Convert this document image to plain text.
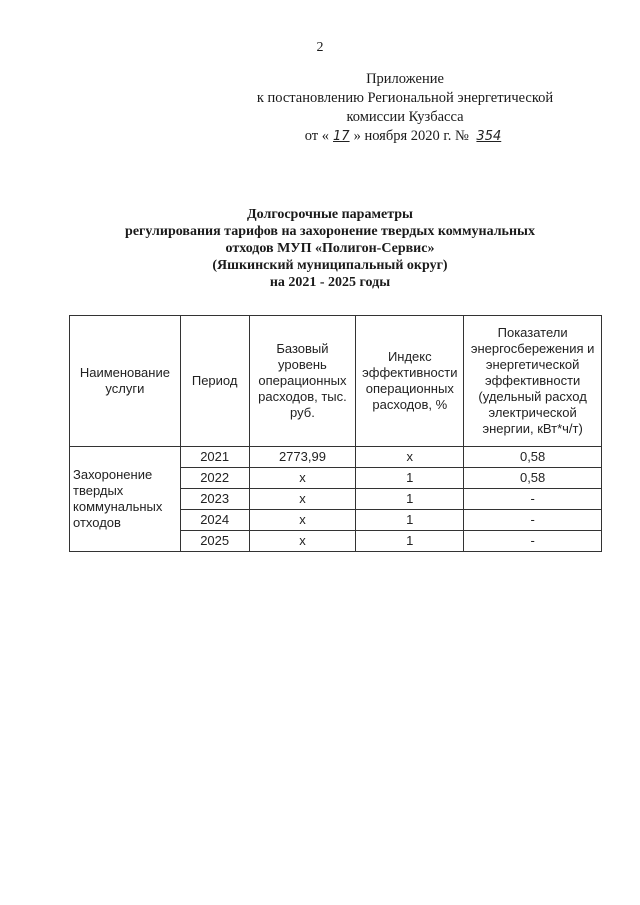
2
Приложение
к постановлению Региональной энергетической
комиссии Кузбасса
от « 17 » ноября 2020 г. № 354
Долгосрочные параметры
регулирования тарифов на захоронение твердых коммунальных
отходов МУП «Полигон-Сервис»
(Яшкинский муниципальный округ)
на 2021 - 2025 годы
Наименование услуги	Период	Базовый уровень операционных расходов, тыс. руб.	Индекс эффективности операционных расходов, %	Показатели энергосбережения и энергетической эффективности (удельный расход электрической энергии, кВт*ч/т)
Захоронение твердых коммунальных отходов	2021	2773,99	x	0,58
	2022	x	1	0,58
	2023	x	1	-
	2024	x	1	-
	2025	x	1	-
